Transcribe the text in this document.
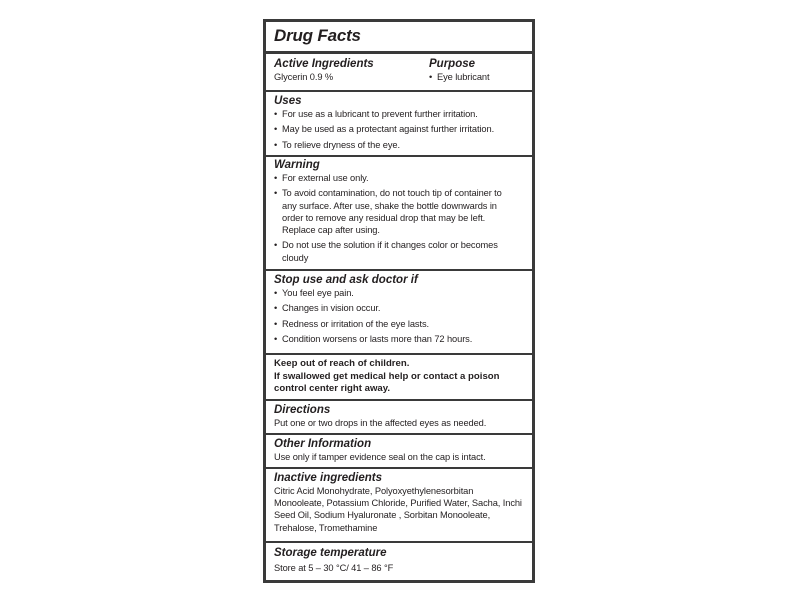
Drug Facts
Active Ingredients
Glycerin 0.9 %
Purpose
• Eye lubricant
Uses
• For use as a lubricant to prevent further irritation.
• May be used as a protectant against further irritation.
• To relieve dryness of the eye.
Warning
• For external use only.
• To avoid contamination, do not touch tip of container to any surface. After use, shake the bottle downwards in order to remove any residual drop that may be left. Replace cap after using.
• Do not use the solution if it changes color or becomes cloudy
Stop use and ask doctor if
• You feel eye pain.
• Changes in vision occur.
• Redness or irritation of the eye lasts.
• Condition worsens or lasts more than 72 hours.
Keep out of reach of children.
If swallowed get medical help or contact a poison control center right away.
Directions
Put one or two drops in the affected eyes as needed.
Other Information
Use only if tamper evidence seal on the cap is intact.
Inactive ingredients
Citric Acid Monohydrate, Polyoxyethylenesorbitan Monooleate, Potassium Chloride, Purified Water, Sacha, Inchi Seed Oil, Sodium Hyaluronate , Sorbitan Monooleate, Trehalose, Tromethamine
Storage temperature
Store at 5 – 30 °C/ 41 – 86 °F
